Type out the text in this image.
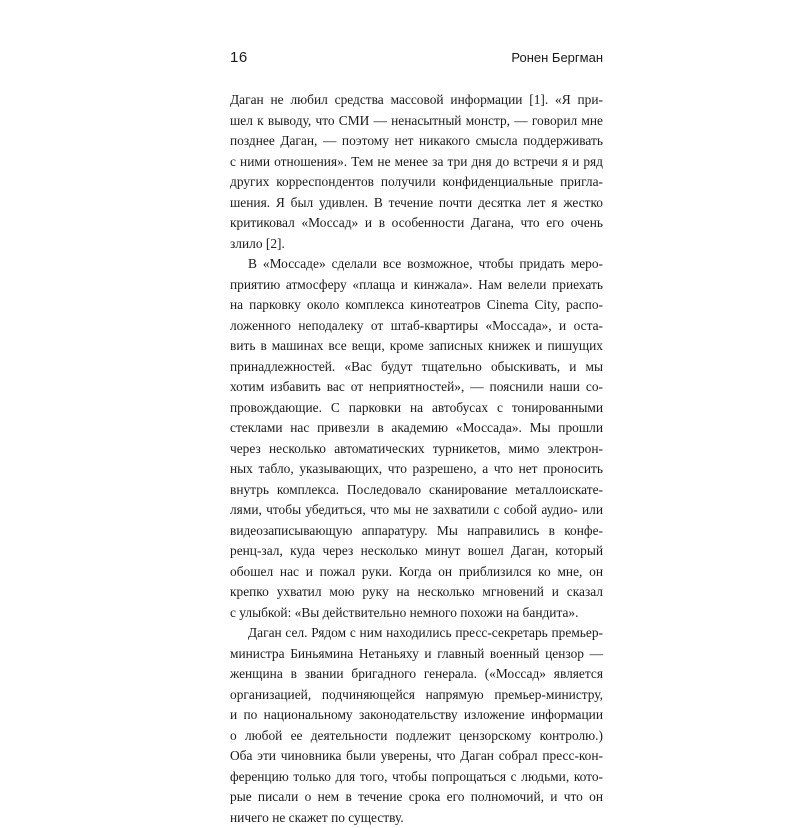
16	Ронен Бергман

Даган не любил средства массовой информации [1]. «Я при-
шел к выводу, что СМИ — ненасытный монстр, — говорил мне
позднее Даган, — поэтому нет никакого смысла поддерживать
с ними отношения». Тем не менее за три дня до встречи я и ряд
других корреспондентов получили конфиденциальные пригла-
шения. Я был удивлен. В течение почти десятка лет я жестко
критиковал «Моссад» и в особенности Дагана, что его очень
злило [2].

В «Моссаде» сделали все возможное, чтобы придать меро-
приятию атмосферу «плаща и кинжала». Нам велели приехать
на парковку около комплекса кинотеатров Cinema City, распо-
ложенного неподалеку от штаб-квартиры «Моссада», и оста-
вить в машинах все вещи, кроме записных книжек и пишущих
принадлежностей. «Вас будут тщательно обыскивать, и мы
хотим избавить вас от неприятностей», — пояснили наши со-
провождающие. С парковки на автобусах с тонированными
стеклами нас привезли в академию «Моссада». Мы прошли
через несколько автоматических турникетов, мимо электрон-
ных табло, указывающих, что разрешено, а что нет проносить
внутрь комплекса. Последовало сканирование металлоискате-
лями, чтобы убедиться, что мы не захватили с собой аудио- или
видеозаписывающую аппаратуру. Мы направились в конфе-
ренц-зал, куда через несколько минут вошел Даган, который
обошел нас и пожал руки. Когда он приблизился ко мне, он
крепко ухватил мою руку на несколько мгновений и сказал
с улыбкой: «Вы действительно немного похожи на бандита».

Даган сел. Рядом с ним находились пресс-секретарь премьер-
министра Биньямина Нетаньяху и главный военный цензор —
женщина в звании бригадного генерала. («Моссад» является
организацией, подчиняющейся напрямую премьер-министру,
и по национальному законодательству изложение информации
о любой ее деятельности подлежит цензорскому контролю.)
Оба эти чиновника были уверены, что Даган собрал пресс-кон-
ференцию только для того, чтобы попрощаться с людьми, кото-
рые писали о нем в течение срока его полномочий, и что он
ничего не скажет по существу.
